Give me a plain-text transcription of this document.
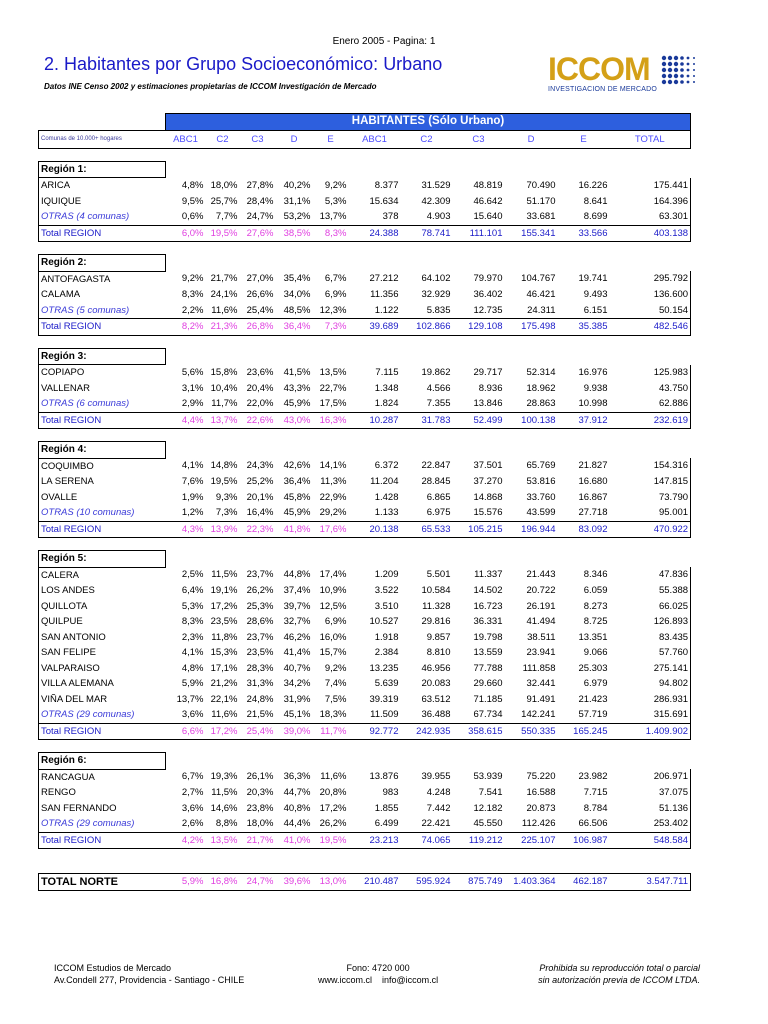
Enero 2005 - Pagina: 1
2. Habitantes por Grupo Socioeconómico: Urbano
Datos INE Censo 2002 y estimaciones propietarias de ICCOM Investigación de Mercado	ICCOM
INVESTIGACION DE MERCADO
	HABITANTES (Sólo Urbano)										
Comunas de 10.000+ hogares	ABC1	C2	C3	D	E	ABC1	C2	C3	D	E	TOTAL

Región 1:											
ARICA	4,8%	18,0%	27,8%	40,2%	9,2%	8.377	31.529	48.819	70.490	16.226	175.441
IQUIQUE	9,5%	25,7%	28,4%	31,1%	5,3%	15.634	42.309	46.642	51.170	8.641	164.396
OTRAS (4 comunas)	0,6%	7,7%	24,7%	53,2%	13,7%	378	4.903	15.640	33.681	8.699	63.301
Total REGION	6,0%	19,5%	27,6%	38,5%	8,3%	24.388	78.741	111.101	155.341	33.566	403.138

Región 2:											
ANTOFAGASTA	9,2%	21,7%	27,0%	35,4%	6,7%	27.212	64.102	79.970	104.767	19.741	295.792
CALAMA	8,3%	24,1%	26,6%	34,0%	6,9%	11.356	32.929	36.402	46.421	9.493	136.600
OTRAS (5 comunas)	2,2%	11,6%	25,4%	48,5%	12,3%	1.122	5.835	12.735	24.311	6.151	50.154
Total REGION	8,2%	21,3%	26,8%	36,4%	7,3%	39.689	102.866	129.108	175.498	35.385	482.546

Región 3:											
COPIAPO	5,6%	15,8%	23,6%	41,5%	13,5%	7.115	19.862	29.717	52.314	16.976	125.983
VALLENAR	3,1%	10,4%	20,4%	43,3%	22,7%	1.348	4.566	8.936	18.962	9.938	43.750
OTRAS (6 comunas)	2,9%	11,7%	22,0%	45,9%	17,5%	1.824	7.355	13.846	28.863	10.998	62.886
Total REGION	4,4%	13,7%	22,6%	43,0%	16,3%	10.287	31.783	52.499	100.138	37.912	232.619

Región 4:											
COQUIMBO	4,1%	14,8%	24,3%	42,6%	14,1%	6.372	22.847	37.501	65.769	21.827	154.316
LA SERENA	7,6%	19,5%	25,2%	36,4%	11,3%	11.204	28.845	37.270	53.816	16.680	147.815
OVALLE	1,9%	9,3%	20,1%	45,8%	22,9%	1.428	6.865	14.868	33.760	16.867	73.790
OTRAS (10 comunas)	1,2%	7,3%	16,4%	45,9%	29,2%	1.133	6.975	15.576	43.599	27.718	95.001
Total REGION	4,3%	13,9%	22,3%	41,8%	17,6%	20.138	65.533	105.215	196.944	83.092	470.922

Región 5:											
CALERA	2,5%	11,5%	23,7%	44,8%	17,4%	1.209	5.501	11.337	21.443	8.346	47.836
LOS ANDES	6,4%	19,1%	26,2%	37,4%	10,9%	3.522	10.584	14.502	20.722	6.059	55.388
QUILLOTA	5,3%	17,2%	25,3%	39,7%	12,5%	3.510	11.328	16.723	26.191	8.273	66.025
QUILPUE	8,3%	23,5%	28,6%	32,7%	6,9%	10.527	29.816	36.331	41.494	8.725	126.893
SAN ANTONIO	2,3%	11,8%	23,7%	46,2%	16,0%	1.918	9.857	19.798	38.511	13.351	83.435
SAN FELIPE	4,1%	15,3%	23,5%	41,4%	15,7%	2.384	8.810	13.559	23.941	9.066	57.760
VALPARAISO	4,8%	17,1%	28,3%	40,7%	9,2%	13.235	46.956	77.788	111.858	25.303	275.141
VILLA ALEMANA	5,9%	21,2%	31,3%	34,2%	7,4%	5.639	20.083	29.660	32.441	6.979	94.802
VIÑA DEL MAR	13,7%	22,1%	24,8%	31,9%	7,5%	39.319	63.512	71.185	91.491	21.423	286.931
OTRAS (29 comunas)	3,6%	11,6%	21,5%	45,1%	18,3%	11.509	36.488	67.734	142.241	57.719	315.691
Total REGION	6,6%	17,2%	25,4%	39,0%	11,7%	92.772	242.935	358.615	550.335	165.245	1.409.902

Región 6:											
RANCAGUA	6,7%	19,3%	26,1%	36,3%	11,6%	13.876	39.955	53.939	75.220	23.982	206.971
RENGO	2,7%	11,5%	20,3%	44,7%	20,8%	983	4.248	7.541	16.588	7.715	37.075
SAN FERNANDO	3,6%	14,6%	23,8%	40,8%	17,2%	1.855	7.442	12.182	20.873	8.784	51.136
OTRAS (29 comunas)	2,6%	8,8%	18,0%	44,4%	26,2%	6.499	22.421	45.550	112.426	66.506	253.402
Total REGION	4,2%	13,5%	21,7%	41,0%	19,5%	23.213	74.065	119.212	225.107	106.987	548.584

TOTAL NORTE	5,9%	16,8%	24,7%	39,6%	13,0%	210.487	595.924	875.749	1.403.364	462.187	3.547.711
ICCOM Estudios de Mercado
Av.Condell 277, Providencia - Santiago - CHILE
Fono: 4720 000
www.iccom.cl    info@iccom.cl
Prohibida su reproducción total o parcial
sin autorización previa de ICCOM LTDA.
